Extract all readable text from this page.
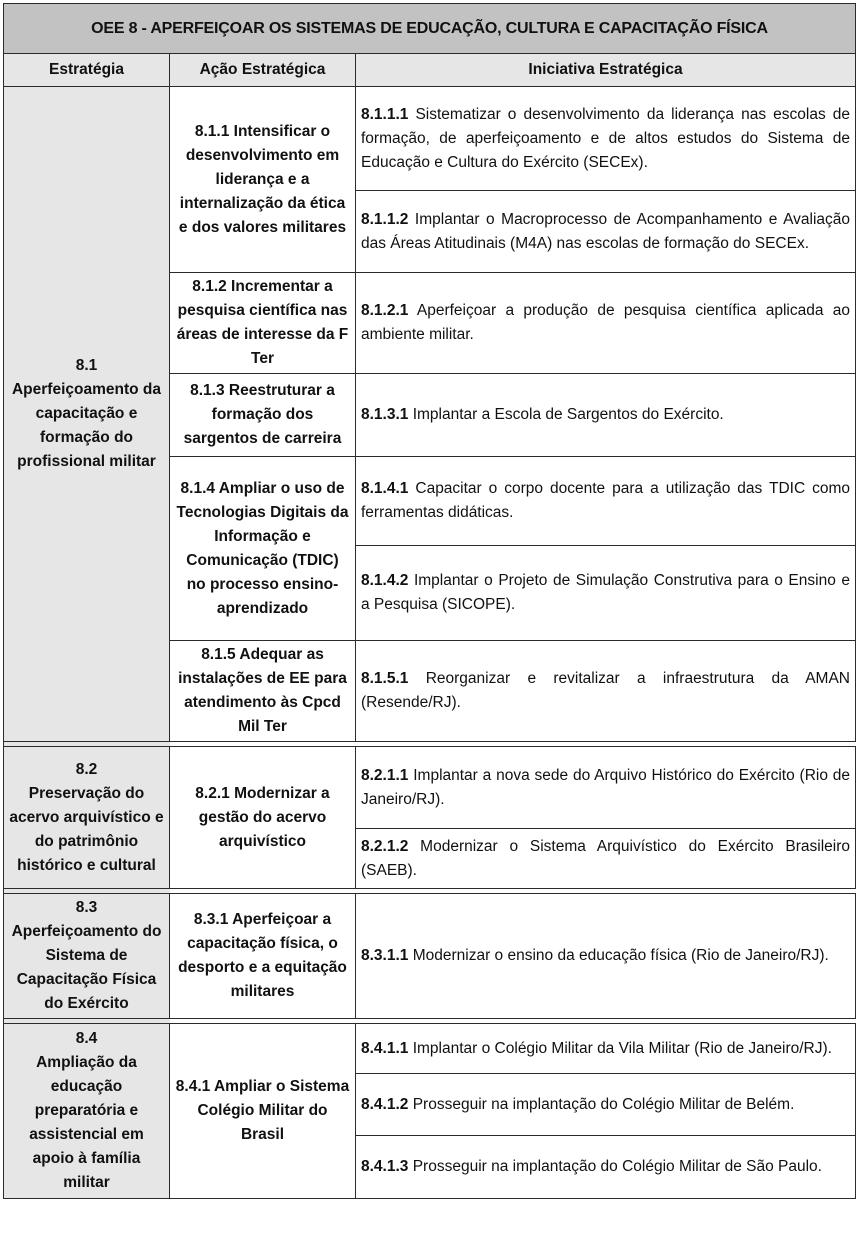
OEE 8 - APERFEIÇOAR OS SISTEMAS DE EDUCAÇÃO, CULTURA E CAPACITAÇÃO FÍSICA		
Estratégia	Ação Estratégica	Iniciativa Estratégica

8.1
Aperfeiçoamento da capacitação e formação do profissional militar	8.1.1 Intensificar o desenvolvimento em liderança e a internalização da ética e dos valores militares	8.1.1.1 Sistematizar o desenvolvimento da liderança nas escolas de formação, de aperfeiçoamento e de altos estudos do Sistema de Educação e Cultura do Exército (SECEx).
		8.1.1.2 Implantar o Macroprocesso de Acompanhamento e Avaliação das Áreas Atitudinais (M4A) nas escolas de formação do SECEx.
	8.1.2 Incrementar a pesquisa científica nas áreas de interesse da F Ter	8.1.2.1 Aperfeiçoar a produção de pesquisa científica aplicada ao ambiente militar.
	8.1.3 Reestruturar a formação dos sargentos de carreira	8.1.3.1 Implantar a Escola de Sargentos do Exército.
	8.1.4 Ampliar o uso de Tecnologias Digitais da Informação e Comunicação (TDIC) no processo ensino-aprendizado	8.1.4.1 Capacitar o corpo docente para a utilização das TDIC como ferramentas didáticas.
		8.1.4.2 Implantar o Projeto de Simulação Construtiva para o Ensino e a Pesquisa (SICOPE).
	8.1.5 Adequar as instalações de EE para atendimento às Cpcd Mil Ter	8.1.5.1 Reorganizar e revitalizar a infraestrutura da AMAN (Resende/RJ).

8.2
Preservação do acervo arquivístico e do patrimônio histórico e cultural	8.2.1 Modernizar a gestão do acervo arquivístico	8.2.1.1 Implantar a nova sede do Arquivo Histórico do Exército (Rio de Janeiro/RJ).
		8.2.1.2 Modernizar o Sistema Arquivístico do Exército Brasileiro (SAEB).

8.3
Aperfeiçoamento do Sistema de Capacitação Física do Exército	8.3.1 Aperfeiçoar a capacitação física, o desporto e a equitação militares	8.3.1.1 Modernizar o ensino da educação física (Rio de Janeiro/RJ).

8.4
Ampliação da educação preparatória e assistencial em apoio à família militar	8.4.1 Ampliar o Sistema Colégio Militar do Brasil	8.4.1.1 Implantar o Colégio Militar da Vila Militar (Rio de Janeiro/RJ).
		8.4.1.2 Prosseguir na implantação do Colégio Militar de Belém.
		8.4.1.3 Prosseguir na implantação do Colégio Militar de São Paulo.
